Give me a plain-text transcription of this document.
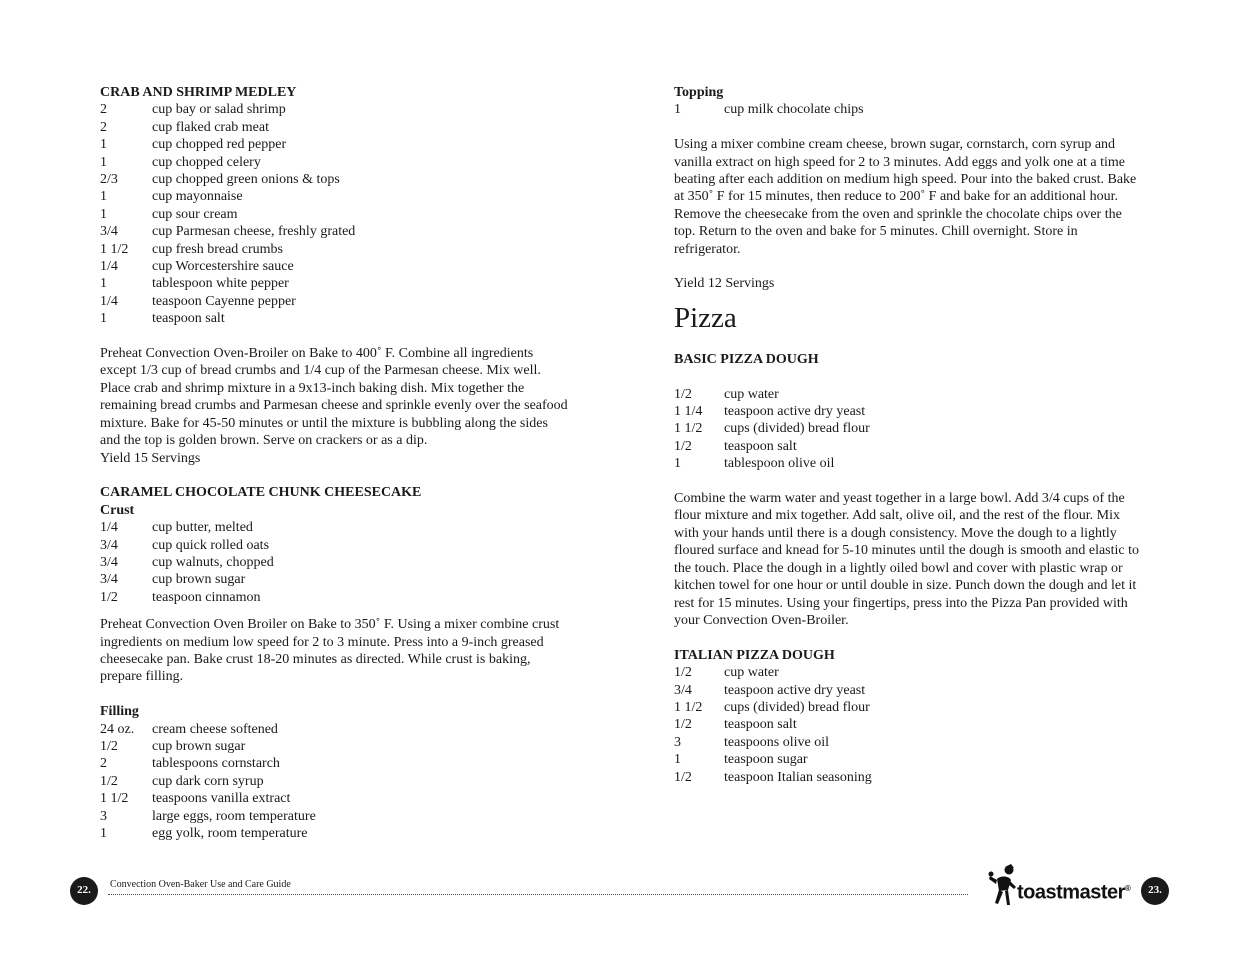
CRAB AND SHRIMP MEDLEY
2	cup bay or salad shrimp
2	cup flaked crab meat
1	cup chopped red pepper
1	cup chopped celery
2/3	cup chopped green onions & tops
1	cup mayonnaise
1	cup sour cream
3/4	cup Parmesan cheese, freshly grated
1 1/2	cup fresh bread crumbs
1/4	cup Worcestershire sauce
1	tablespoon white pepper
1/4	teaspoon Cayenne pepper
1	teaspoon salt

Preheat Convection Oven-Broiler on Bake to 400˚ F. Combine all ingredients except 1/3 cup of bread crumbs and 1/4 cup of the Parmesan cheese. Mix well. Place crab and shrimp mixture in a 9x13-inch baking dish. Mix together the remaining bread crumbs and Parmesan cheese and sprinkle evenly over the seafood mixture. Bake for 45-50 minutes or until the mixture is bubbling along the sides and the top is golden brown. Serve on crackers or as a dip.

Yield 15 Servings
CARAMEL CHOCOLATE CHUNK CHEESECAKE
Crust
1/4	cup butter, melted
3/4	cup quick rolled oats
3/4	cup walnuts, chopped
3/4	cup brown sugar
1/2	teaspoon cinnamon

Preheat Convection Oven Broiler on Bake to 350˚ F. Using a mixer combine crust ingredients on medium low speed for 2 to 3 minute. Press into a 9-inch greased cheesecake pan. Bake crust 18-20 minutes as directed. While crust is baking, prepare filling.

Filling
24 oz.	cream cheese softened
1/2	cup brown sugar
2	tablespoons cornstarch
1/2	cup dark corn syrup
1 1/2	teaspoons vanilla extract
3	large eggs, room temperature
1	egg yolk, room temperature
Topping
1	cup milk chocolate chips

Using a mixer combine cream cheese, brown sugar, cornstarch, corn syrup and vanilla extract on high speed for 2 to 3 minutes. Add eggs and yolk one at a time beating after each addition on medium high speed. Pour into the baked crust. Bake at 350˚ F for 15 minutes, then reduce to 200˚ F and bake for an additional hour.

Remove the cheesecake from the oven and sprinkle the chocolate chips over the top. Return to the oven and bake for 5 minutes. Chill overnight. Store in refrigerator.

Yield 12 Servings
Pizza
BASIC PIZZA DOUGH
1/2	cup water
1 1/4	teaspoon active dry yeast
1 1/2	cups (divided) bread flour
1/2	teaspoon salt
1	tablespoon olive oil

Combine the warm water and yeast together in a large bowl. Add 3/4 cups of the flour mixture and mix together. Add salt, olive oil, and the rest of the flour. Mix with your hands until there is a dough consistency. Move the dough to a lightly floured surface and knead for 5-10 minutes until the dough is smooth and elastic to the touch. Place the dough in a lightly oiled bowl and cover with plastic wrap or kitchen towel for one hour or until double in size. Punch down the dough and let it rest for 15 minutes. Using your fingertips, press into the Pizza Pan provided with your Convection Oven-Broiler.

ITALIAN PIZZA DOUGH
1/2	cup water
3/4	teaspoon active dry yeast
1 1/2	cups (divided) bread flour
1/2	teaspoon salt
3	teaspoons olive oil
1	teaspoon sugar
1/2	teaspoon Italian seasoning
22.	Convection Oven-Baker Use and Care Guide	toastmaster®	23.
